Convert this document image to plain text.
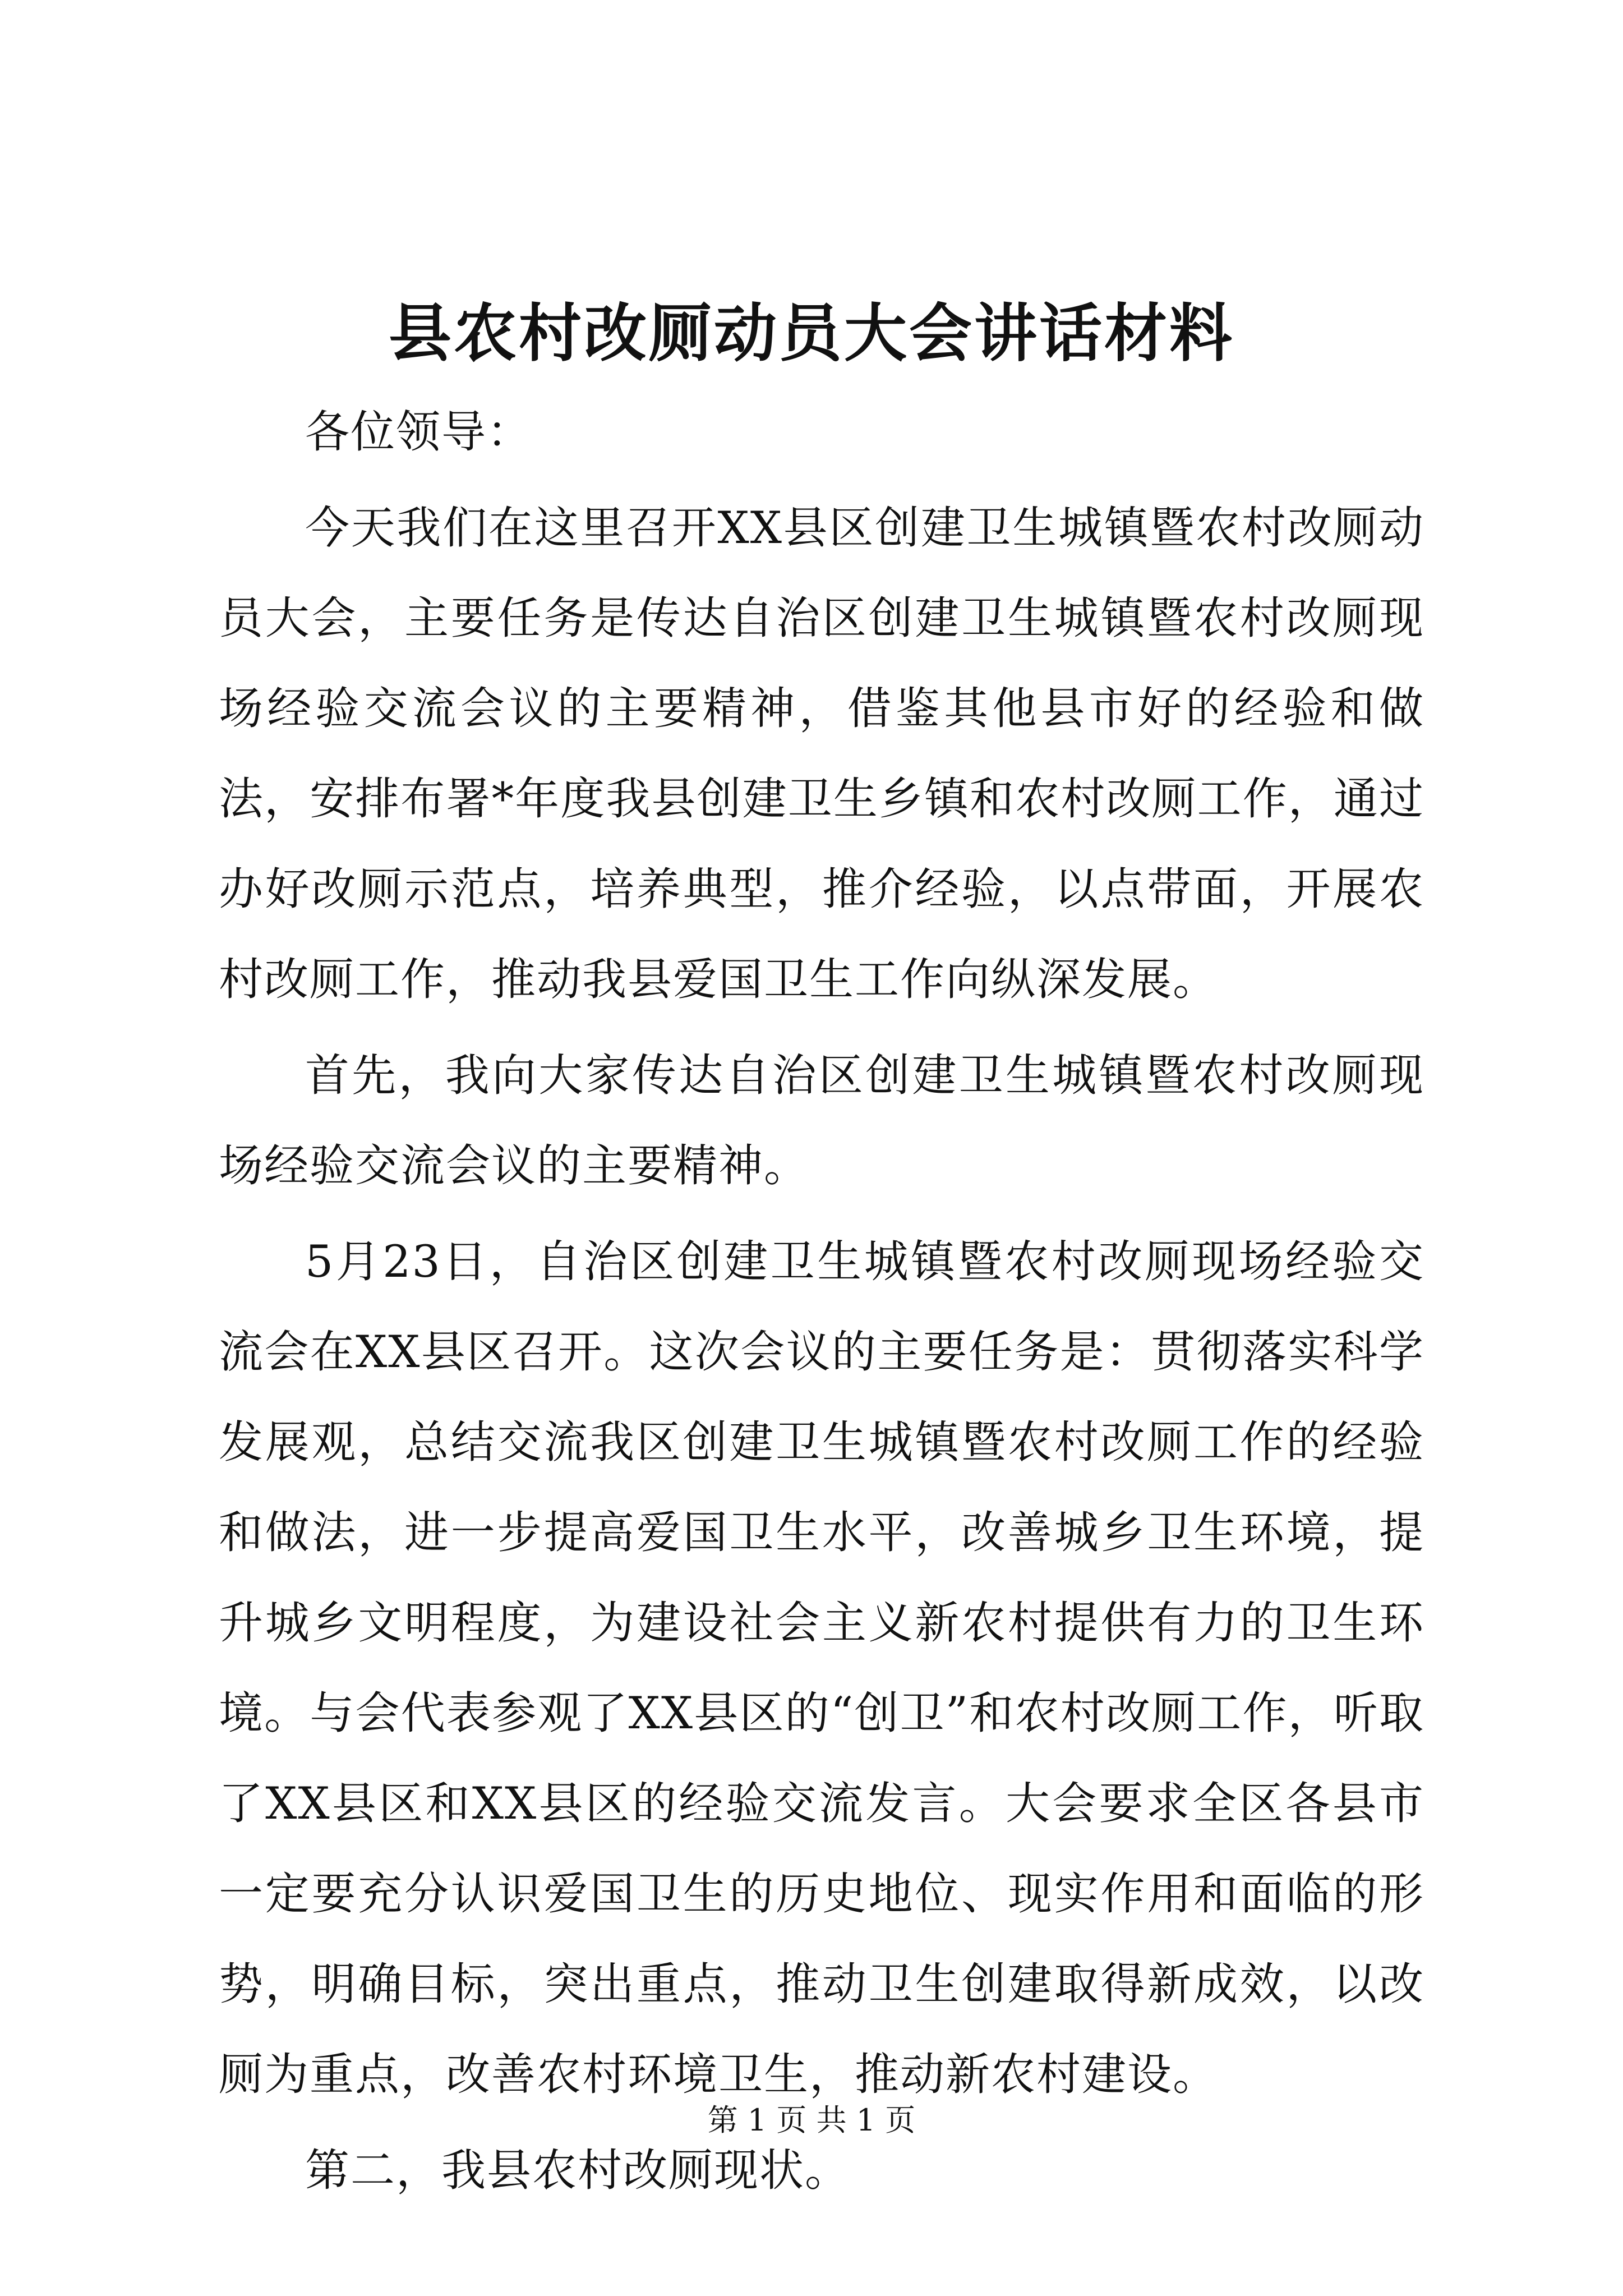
县农村改厕动员大会讲话材料

各位领导：

今天我们在这里召开XX县区创建卫生城镇暨农村改厕动员大会，主要任务是传达自治区创建卫生城镇暨农村改厕现场经验交流会议的主要精神，借鉴其他县市好的经验和做法，安排布署*年度我县创建卫生乡镇和农村改厕工作，通过办好改厕示范点，培养典型，推介经验，以点带面，开展农村改厕工作，推动我县爱国卫生工作向纵深发展。

首先，我向大家传达自治区创建卫生城镇暨农村改厕现场经验交流会议的主要精神。

5月23日，自治区创建卫生城镇暨农村改厕现场经验交流会在XX县区召开。这次会议的主要任务是：贯彻落实科学发展观，总结交流我区创建卫生城镇暨农村改厕工作的经验和做法，进一步提高爱国卫生水平，改善城乡卫生环境，提升城乡文明程度，为建设社会主义新农村提供有力的卫生环境。与会代表参观了XX县区的“创卫”和农村改厕工作，听取了XX县区和XX县区的经验交流发言。大会要求全区各县市一定要充分认识爱国卫生的历史地位、现实作用和面临的形势，明确目标，突出重点，推动卫生创建取得新成效，以改厕为重点，改善农村环境卫生，推动新农村建设。

第二，我县农村改厕现状。

第 1 页 共 1 页
